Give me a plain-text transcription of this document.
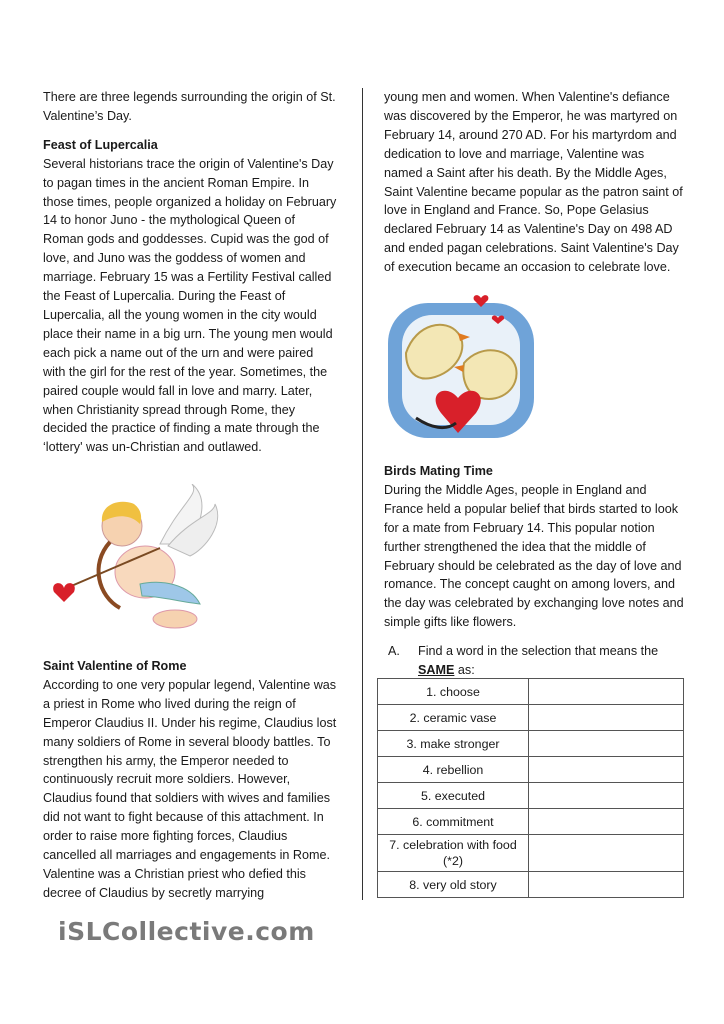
There are three legends surrounding the origin of St. Valentine’s Day.

Feast of Lupercalia

Several historians trace the origin of Valentine's Day to pagan times in the ancient Roman Empire. In those times, people organized a holiday on February 14 to honor Juno - the mythological Queen of Roman gods and goddesses. Cupid was the god of love, and Juno was the goddess of women and marriage. February 15 was a Fertility Festival called the Feast of Lupercalia. During the Feast of Lupercalia, all the young women in the city would place their name in a big urn. The young men would each pick a name out of the urn and were paired with the girl for the rest of the year. Sometimes, the paired couple would fall in love and marry. Later, when Christianity spread through Rome, they decided the practice of finding a mate through the ‘lottery' was un-Christian and outlawed.

Saint Valentine of Rome

According to one very popular legend, Valentine was a priest in Rome who lived during the reign of Emperor Claudius II. Under his regime, Claudius lost many soldiers of Rome in several bloody battles. To strengthen his army, the Emperor needed to continuously recruit more soldiers. However, Claudius found that soldiers with wives and families did not want to fight because of this attachment. In order to raise more fighting forces, Claudius cancelled all marriages and engagements in Rome. Valentine was a Christian priest who defied this decree of Claudius by secretly marrying

young men and women. When Valentine's defiance was discovered by the Emperor, he was martyred on February 14, around 270 AD. For his martyrdom and dedication to love and marriage, Valentine was named a Saint after his death. By the Middle Ages, Saint Valentine became popular as the patron saint of love in England and France. So, Pope Gelasius declared February 14 as Valentine's Day on 498 AD and ended pagan celebrations. Saint Valentine's Day of execution became an occasion to celebrate love.

Birds Mating Time

During the Middle Ages, people in England and France held a popular belief that birds started to look for a mate from February 14. This popular notion further strengthened the idea that the middle of February should be celebrated as the day of love and romance. The concept caught on among lovers, and the day was celebrated by exchanging love notes and simple gifts like flowers.

A. Find a word in the selection that means the
SAME as:
1. choose	
2. ceramic vase	
3. make stronger	
4. rebellion	
5. executed	
6. commitment	
7. celebration with food (*2)	
8. very old story	
iSLCollective.com
